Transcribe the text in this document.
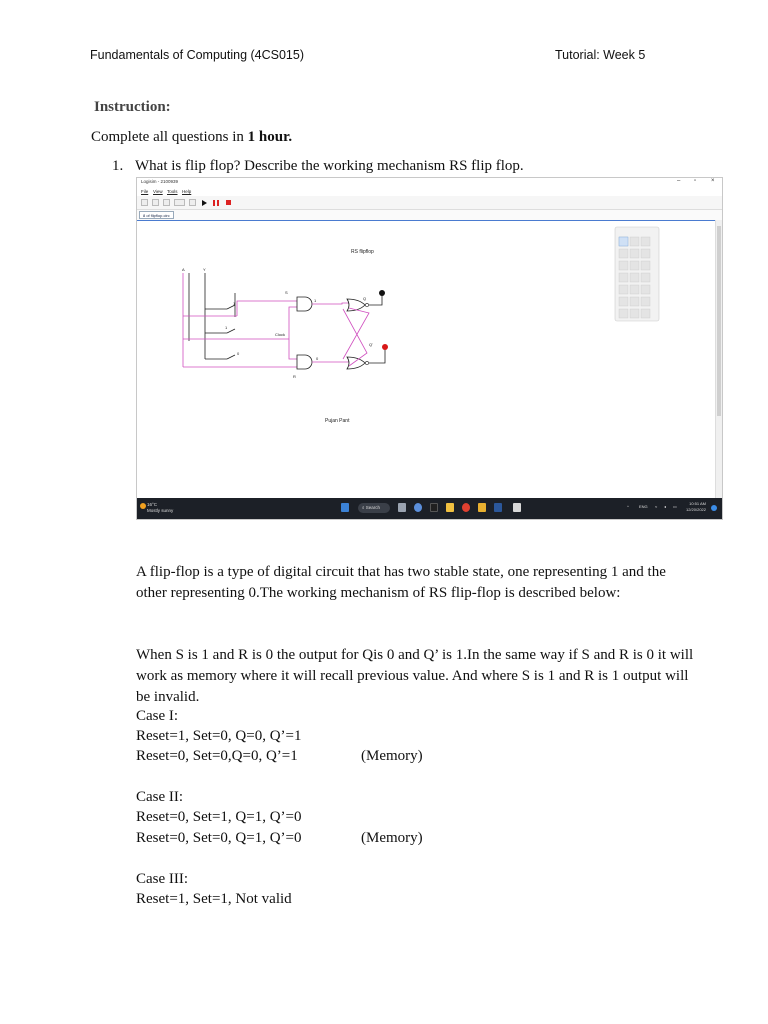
Fundamentals of Computing (4CS015)	Tutorial: Week 5
Instruction:
Complete all questions in 1 hour.
1. What is flip flop? Describe the working mechanism RS flip flop.
Logisim - 2100939	– ▫ ×
File View Tools Help
8 of flipflop.circ
RS flipflop
Pujan Pant
A	Y
1
1
0
S
Clock
R
1
0
Q
Q'
16°C
Mostly sunny
⌕ Search	^	ENG ≈ ◂ ▭
10:51 AM
12/20/2022
A flip-flop is a type of digital circuit that has two stable state, one representing 1 and the other representing 0.The working mechanism of RS flip-flop is described below:
When S is 1 and R is 0 the output for Qis 0 and Q’ is 1.In the same way if S and R is 0 it will work as memory where it will recall previous value. And where S is 1 and R is 1 output will be invalid.
Case I:
Reset=1, Set=0, Q=0, Q’=1
Reset=0, Set=0,Q=0, Q’=1	(Memory)
Case II:
Reset=0, Set=1, Q=1, Q’=0
Reset=0, Set=0, Q=1, Q’=0	(Memory)
Case III:
Reset=1, Set=1, Not valid
